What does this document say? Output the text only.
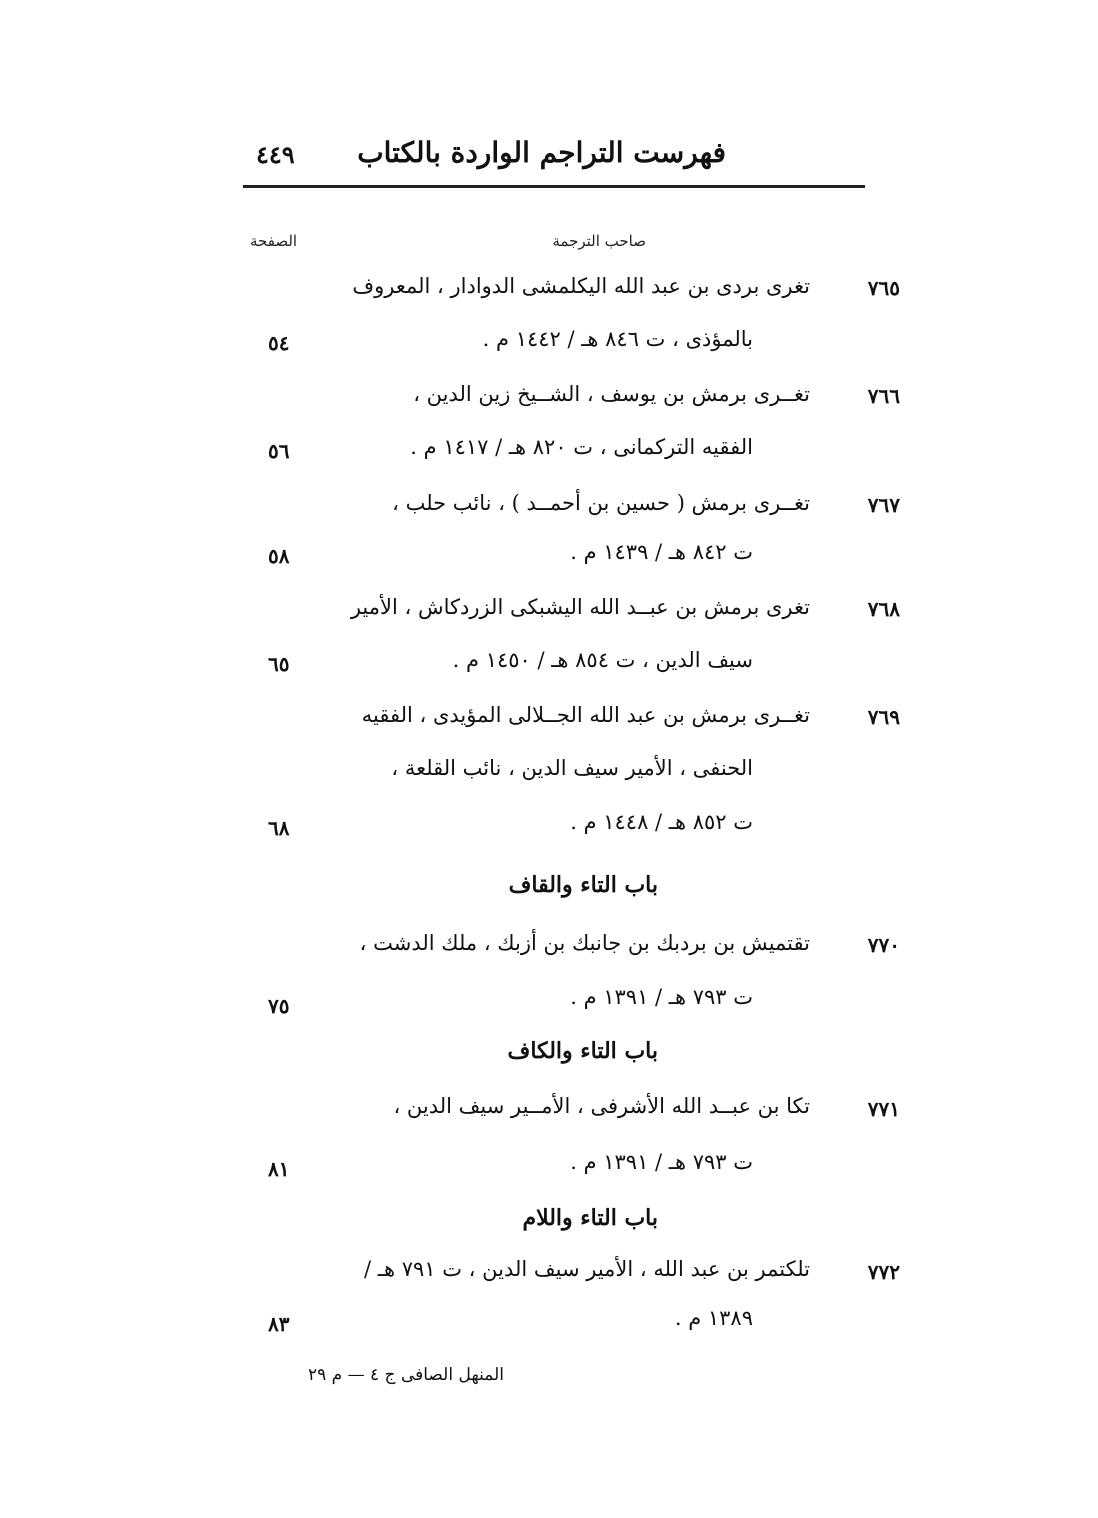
فهرست التراجم الواردة بالكتاب
٤٤٩
صاحب الترجمة
الصفحة
٧٦٥
تغرى بردى بن عبد الله اليكلمشى الدوادار ، المعروف
بالمؤذى ، ت ٨٤٦ هـ / ١٤٤٢ م .
٥٤
٧٦٦
تغــرى برمش بن يوسف ، الشــيخ زين الدين ،
الفقيه التركمانى ، ت ٨٢٠ هـ / ١٤١٧ م .
٥٦
٧٦٧
تغــرى برمش ( حسين بن أحمــد ) ، نائب حلب ،
ت ٨٤٢ هـ / ١٤٣٩ م .
٥٨
٧٦٨
تغرى برمش بن عبــد الله اليشبكى الزردكاش ، الأمير
سيف الدين ، ت ٨٥٤ هـ / ١٤٥٠ م .
٦٥
٧٦٩
تغــرى برمش بن عبد الله الجــلالى المؤيدى ، الفقيه
الحنفى ، الأمير سيف الدين ، نائب القلعة ،
ت ٨٥٢ هـ / ١٤٤٨ م .
٦٨
باب التاء والقاف
٧٧٠
تقتميش بن بردبك بن جانبك بن أزبك ، ملك الدشت ،
ت ٧٩٣ هـ / ١٣٩١ م .
٧٥
باب التاء والكاف
٧٧١
تكا بن عبــد الله الأشرفى ، الأمــير سيف الدين ،
ت ٧٩٣ هـ / ١٣٩١ م .
٨١
باب التاء واللام
٧٧٢
تلكتمر بن عبد الله ، الأمير سيف الدين ، ت ٧٩١ هـ /
١٣٨٩ م .
٨٣
المنهل الصافى ج ٤ — م ٢٩
